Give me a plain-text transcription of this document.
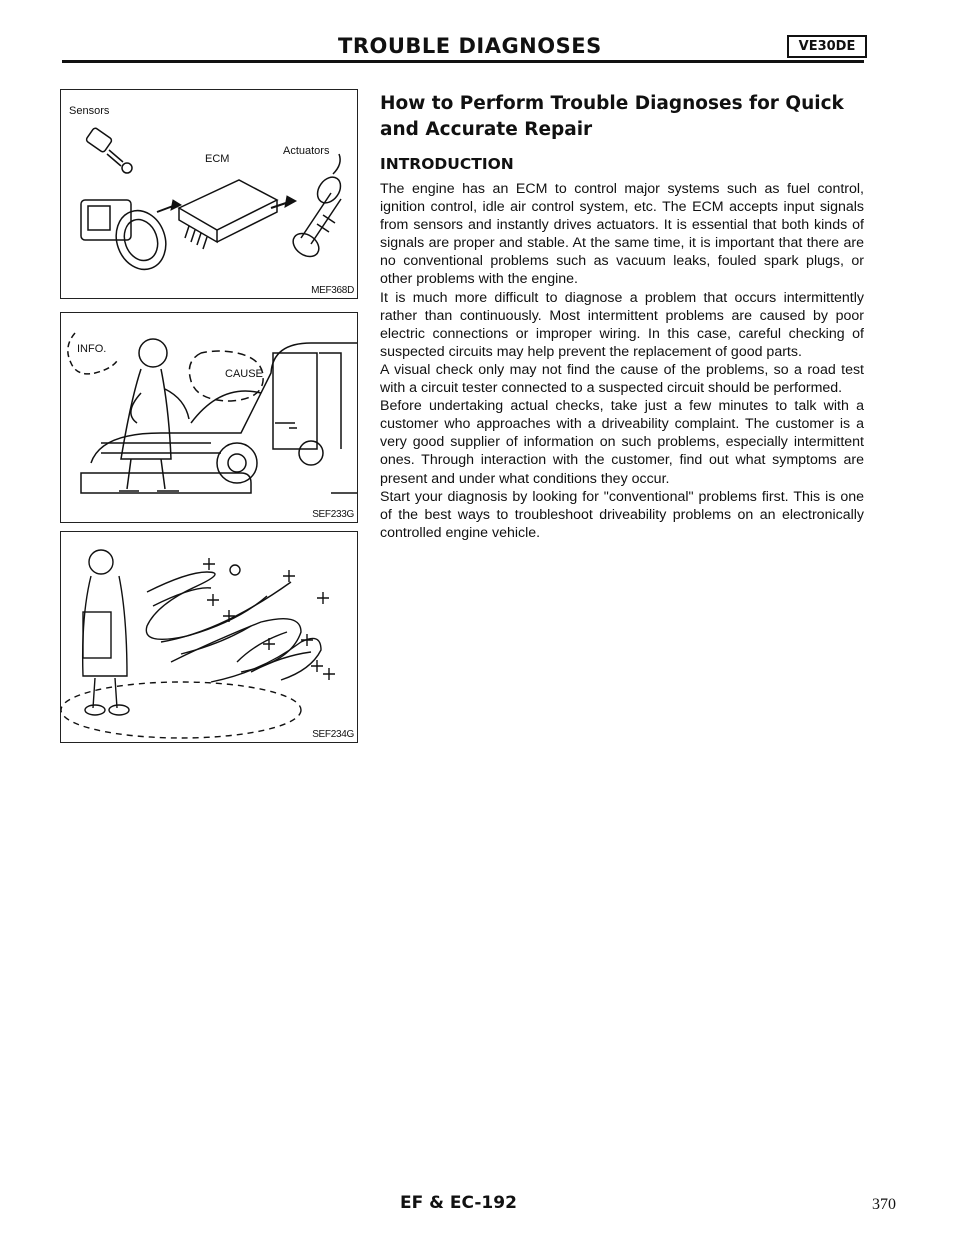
TROUBLE DIAGNOSES	VE30DE
Sensors
ECM
Actuators
MEF368D
INFO.
CAUSE
SEF233G
SEF234G
How to Perform Trouble Diagnoses for Quick and Accurate Repair
INTRODUCTION

The engine has an ECM to control major systems such as fuel control, ignition control, idle air control system, etc. The ECM accepts input signals from sensors and instantly drives actuators. It is essential that both kinds of signals are proper and stable. At the same time, it is important that there are no conventional problems such as vacuum leaks, fouled spark plugs, or other problems with the engine.

It is much more difficult to diagnose a problem that occurs intermittently rather than continuously. Most intermittent problems are caused by poor electric connections or improper wiring. In this case, careful checking of suspected circuits may help prevent the replacement of good parts.

A visual check only may not find the cause of the problems, so a road test with a circuit tester connected to a suspected circuit should be performed.

Before undertaking actual checks, take just a few minutes to talk with a customer who approaches with a driveability complaint. The customer is a very good supplier of information on such problems, especially intermittent ones. Through interaction with the customer, find out what symptoms are present and under what conditions they occur.

Start your diagnosis by looking for "conventional" problems first. This is one of the best ways to troubleshoot driveability problems on an electronically controlled engine vehicle.

EF & EC-192	370
